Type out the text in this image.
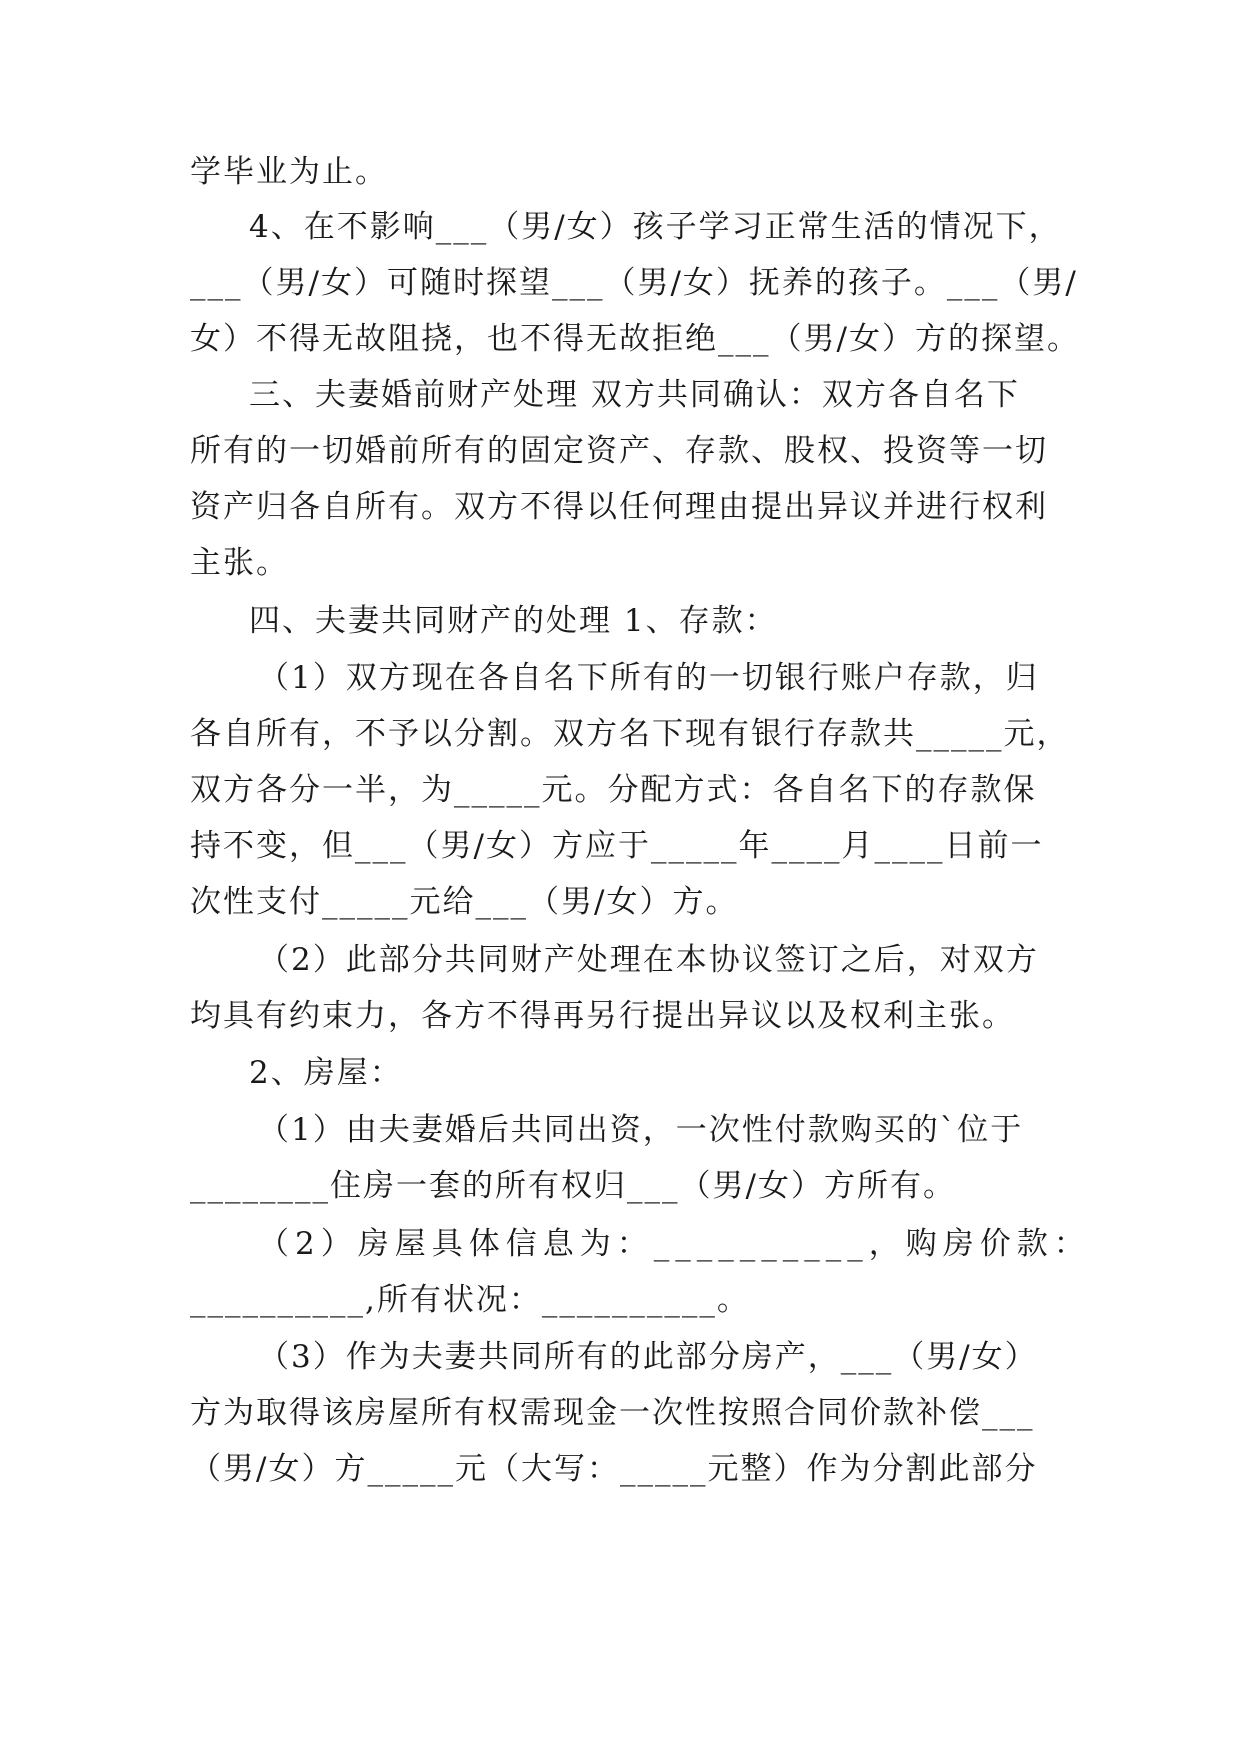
学毕业为止。
4、在不影响___（男/女）孩子学习正常生活的情况下，
___（男/女）可随时探望___（男/女）抚养的孩子。___（男/
女）不得无故阻挠，也不得无故拒绝___（男/女）方的探望。
三、夫妻婚前财产处理 双方共同确认：双方各自名下
所有的一切婚前所有的固定资产、存款、股权、投资等一切
资产归各自所有。双方不得以任何理由提出异议并进行权利
主张。
四、夫妻共同财产的处理 1、存款：
（1）双方现在各自名下所有的一切银行账户存款，归
各自所有，不予以分割。双方名下现有银行存款共_____元，
双方各分一半，为_____元。分配方式：各自名下的存款保
持不变，但___（男/女）方应于_____年____月____日前一
次性支付_____元给___（男/女）方。
（2）此部分共同财产处理在本协议签订之后，对双方
均具有约束力，各方不得再另行提出异议以及权利主张。
2、房屋：
（1）由夫妻婚后共同出资，一次性付款购买的`位于
________住房一套的所有权归___（男/女）方所有。
（2）房屋具体信息为：__________，购房价款：
__________,所有状况：__________。
（3）作为夫妻共同所有的此部分房产，___（男/女）
方为取得该房屋所有权需现金一次性按照合同价款补偿___
（男/女）方_____元（大写：_____元整）作为分割此部分
